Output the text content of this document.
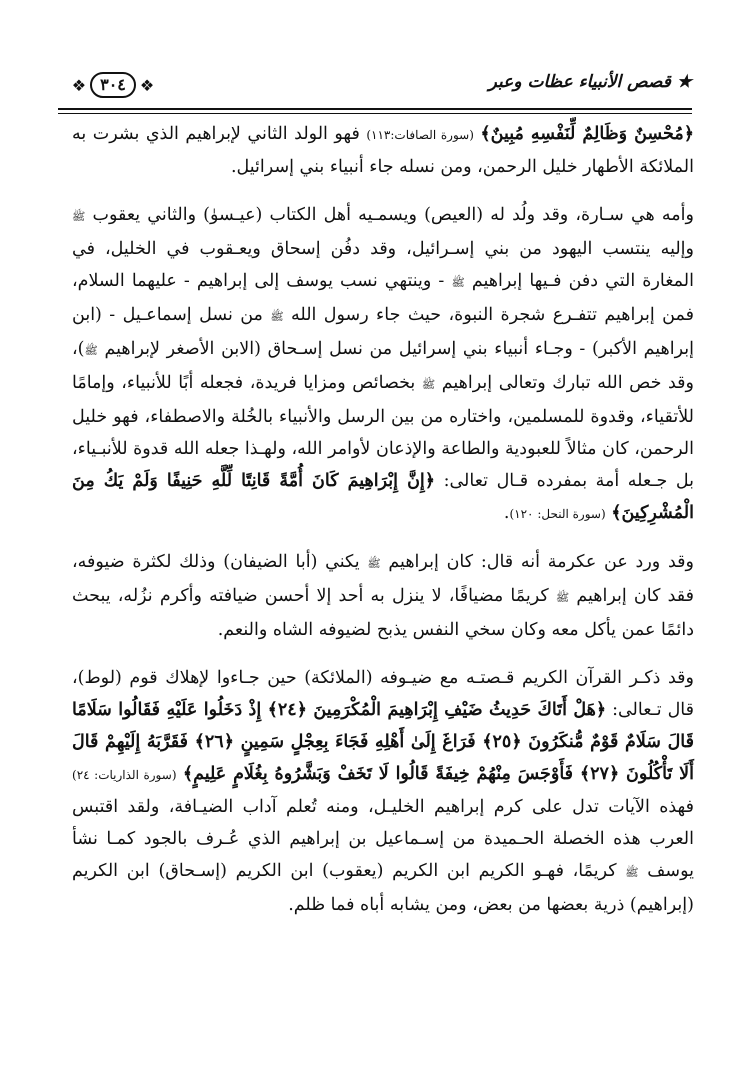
❖ ٣٠٤ ❖	★ قصص الأنبياء عظات وعبر

﴿مُحْسِنٌ وَظَالِمٌ لِّنَفْسِهِ مُبِينٌ﴾ (سورة الصافات:١١٣) فهو الولد الثاني لإبراهيم الذي بشرت به الملائكة الأطهار خليل الرحمن، ومن نسله جاء أنبياء بني إسرائيل.

وأمه هي سـارة، وقد ولُد له (العيص) ويسمـيه أهل الكتاب (عيـسوٰ) والثاني يعقوب ﷺ وإليه ينتسب اليهود من بني إسـرائيل، وقد دفُن إسحاق ويعـقوب في الخليل، في المغارة التي دفن فـيها إبراهيم ﷺ - وينتهي نسب يوسف إلى إبراهيم - عليهما السلام، فمن إبراهيم تتفـرع شجرة النبوة، حيث جاء رسول الله ﷺ من نسل إسماعـيل - (ابن إبراهيم الأكبر) - وجـاء أنبياء بني إسرائيل من نسل إسـحاق (الابن الأصغر لإبراهيم ﷺ)، وقد خص الله تبارك وتعالى إبراهيم ﷺ بخصائص ومزايا فريدة، فجعله أبًا للأنبياء، وإمامًا للأتقياء، وقدوة للمسلمين، واختاره من بين الرسل والأنبياء بالخُلة والاصطفاء، فهو خليل الرحمن، كان مثالاً للعبودية والطاعة والإذعان لأوامر الله، ولهـذا جعله الله قدوة للأنبـياء، بل جـعله أمة بمفرده قـال تعالى: ﴿إِنَّ إِبْرَاهِيمَ كَانَ أُمَّةً قَانِتًا لِّلَّهِ حَنِيفًا وَلَمْ يَكُ مِنَ الْمُشْرِكِينَ﴾ (سورة النحل: ١٢٠).

وقد ورد عن عكرمة أنه قال: كان إبراهيم ﷺ يكني (أبا الضيفان) وذلك لكثرة ضيوفه، فقد كان إبراهيم ﷺ كريمًا مضيافًا، لا ينزل به أحد إلا أحسن ضيافته وأكرم نزُله، يبحث دائمًا عمن يأكل معه وكان سخي النفس يذبح لضيوفه الشاه والنعم.

وقد ذكـر القرآن الكريم قـصتـه مع ضيـوفه (الملائكة) حين جـاءوا لإهلاك قوم (لوط)، قال تـعالى: ﴿هَلْ أَتَاكَ حَدِيثُ ضَيْفِ إِبْرَاهِيمَ الْمُكْرَمِينَ ﴿٢٤﴾ إِذْ دَخَلُوا عَلَيْهِ فَقَالُوا سَلَامًا قَالَ سَلَامٌ قَوْمٌ مُّنكَرُونَ ﴿٢٥﴾ فَرَاغَ إِلَىٰ أَهْلِهِ فَجَاءَ بِعِجْلٍ سَمِينٍ ﴿٢٦﴾ فَقَرَّبَهُ إِلَيْهِمْ قَالَ أَلَا تَأْكُلُونَ ﴿٢٧﴾ فَأَوْجَسَ مِنْهُمْ خِيفَةً قَالُوا لَا تَخَفْ وَبَشَّرُوهُ بِغُلَامٍ عَلِيمٍ﴾ (سورة الذاريات: ٢٤) فهذه الآيات تدل على كرم إبراهيم الخليـل، ومنه تُعلم آداب الضيـافة، ولقد اقتبس العرب هذه الخصلة الحـميدة من إسـماعيل بن إبراهيم الذي عُـرف بالجود كمـا نشأ يوسف ﷺ كريمًا، فهـو الكريم ابن الكريم (يعقوب) ابن الكريم (إسـحاق) ابن الكريم (إبراهيم) ذرية بعضها من بعض، ومن يشابه أباه فما ظلم.
